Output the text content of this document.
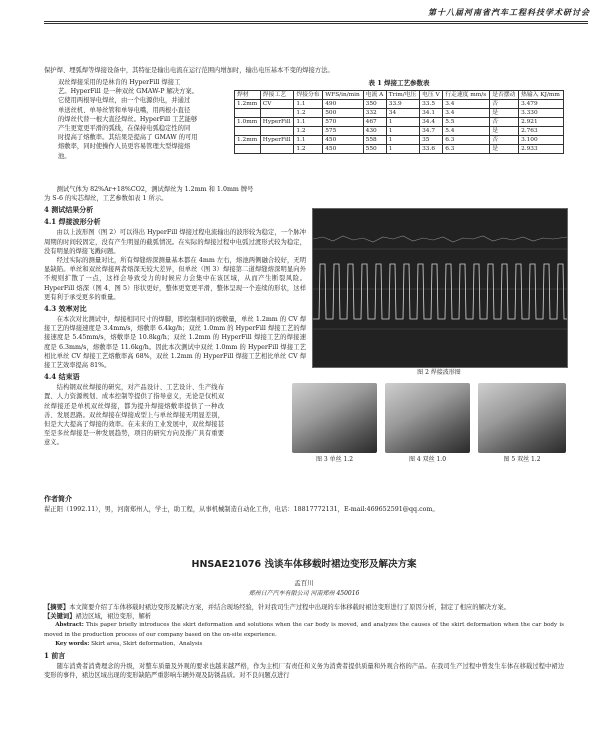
第十八届河南省汽车工程科技学术研讨会

保护焊、埋弧焊等焊接设备中，其特征是输出电流在运行范围内增加时，输出电压基本不变的焊接方法。

双丝焊接采用的是林肯的 HyperFill 焊接工
艺。HyperFill 是一种双丝 GMAW-P 解决方案。
它使用两根导电焊丝，由一个电源供电，并通过
单送丝机、单导丝管和单导电嘴，用两根小直径
的焊丝代替一根大直径焊丝。HyperFill 工艺能够
产生更宽更平滑的弧线，在保持电弧稳定性的同
时提高了熔敷率。其结果是提高了 GMAW 的可用
熔敷率，同时使操作人员更容易管理大型焊接熔
池。
表 1 焊接工艺参数表
焊材	焊接工艺	焊接分布	WFS/in/min	电流 A	Trim/电压	电压 V	行走速度 mm/s	是否摆动	热输入 KJ/mm
1.2mm	CV	1.1	490	350	33.9	33.5	3.4	否	3.479
		1.2	500	332	34	34.1	3.4	是	3.330
1.0mm	HyperFill	1.1	570	467	1	34.4	5.5	否	2.921
		1.2	575	430	1	34.7	5.4	是	2.763
1.2mm	HyperFill	1.1	450	558	1	35	6.3	否	3.100
		1.2	450	550	1	33.6	6.3	是	2.933
测试气体为 82%Ar+18%CO2，测试焊丝为 1.2mm 和 1.0mm 牌号
为 S-6 的实芯焊丝，工艺参数如表 1 所示。
4 测试结果分析
4.1 焊接波形分析

由以上波形图（图 2）可以得出 HyperFill 焊接过程电流输出的波形较为稳定，一个脉冲周期的时间较固定，没有产生明显的截弧情况。在实际的焊接过程中电弧过渡形式较为稳定，没有明显的焊接飞溅问题。

经过实际的测量对比，所有焊缝熔深测量基本都在 4mm 左右，熔池两侧融合较好，无明显缺陷。单丝和双丝焊接两者熔深无较大差异，但单丝（图 3）焊接第二道焊缝熔深明显向外不规则扩散了一点，这样会导致受力的时候应力会集中在该区域，从而产生断裂风险。HyperFill 熔深（图 4、图 5）形状更好，整体更宽更平滑，整体呈现一个连续的形状，这样更有利于承受更多的重量。

4.3 效率对比

在本次对比测试中，焊接相同尺寸的焊脚，即控制相同的熔敷量，单丝 1.2mm 的 CV 焊接工艺的焊接速度是 3.4mm/s，熔敷率 6.4kg/h；双丝 1.0mm 的 HyperFill 焊接工艺的焊接速度是 5.45mm/s，熔敷率是 10.8kg/h；双丝 1.2mm 的 HyperFill 焊接工艺的焊接速度是 6.3mm/s，熔敷率是 11.6kg/h。因此本次测试中双丝 1.0mm 的 HyperFill 焊接工艺相比单丝 CV 焊接工艺熔敷率高 68%，双丝 1.2mm 的 HyperFill 焊接工艺相比单丝 CV 焊接工艺效率提高 81%。

4.4 结束语

结构钢双丝焊接的研究，对产品设计、工艺设计、生产线布置、人力资源规划、成本控制等提供了指导意义，无论是仅机双丝焊接还是单机双丝焊接，都为提升焊接熔敷率提供了一种改善、发展思路。双丝焊接在焊接成型上与单丝焊接无明显差别，但是大大提高了焊接的效率。在未来的工业发展中，双丝焊接甚至是多丝焊接是一种发展趋势，项目的研究方向及推广具有重要意义。

图 2 焊接波形图
图 3 单丝 1.2	图 4 双丝 1.0	图 5 双丝 1.2
作者简介

翟正阳（1992.11），男，河南郑州人，学士，助工程，从事机械制造自动化工作，电话：18817772131，E-mail:469652591@qq.com。

HNSAE21076 浅谈车体移载时裙边变形及解决方案
孟百川
郑州日产汽车有限公司 河南郑州 450016

【摘要】本文简要介绍了车体移载时裙边变形及解决方案，并结合现场经验，针对我司生产过程中出现的车体移载时裙边变形进行了原因分析，制定了相应的解决方案。

【关键词】裙边区域，裙边变形，解析

Abstract: This paper briefly introduces the skirt deformation and solutions when the car body is moved, and analyzes the causes of the skirt deformation when the car body is moved in the production process of our company based on the on-site experience.

Key words: Skirt area, Skirt deformation，Analysis

1 前言

随车消费者消费理念的升级，对整车质量及外观的要求也越来越严格，作为主机厂有责任和义务为消费者提供质量和外观合格的产品。在我司生产过程中曾发生车体在移载过程中裙边变形的事件，裙边区域出现的变形缺陷严重影响车辆外观及防锈品质。对不良问题点进行
